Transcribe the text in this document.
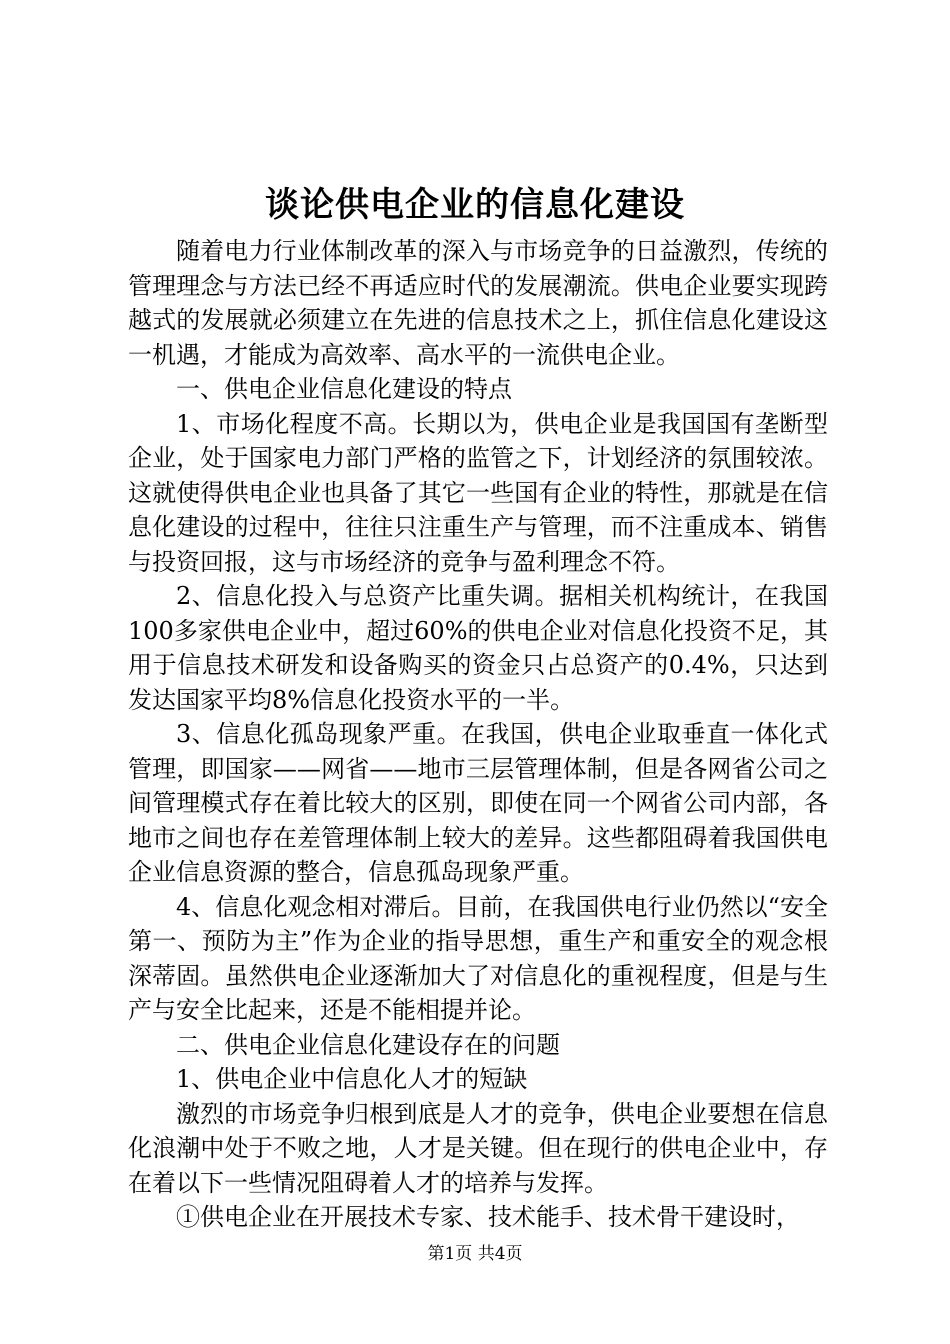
谈论供电企业的信息化建设

随着电力行业体制改革的深入与市场竞争的日益激烈，传统的管理理念与方法已经不再适应时代的发展潮流。供电企业要实现跨越式的发展就必须建立在先进的信息技术之上，抓住信息化建设这一机遇，才能成为高效率、高水平的一流供电企业。

一、供电企业信息化建设的特点

1、市场化程度不高。长期以为，供电企业是我国国有垄断型企业，处于国家电力部门严格的监管之下，计划经济的氛围较浓。这就使得供电企业也具备了其它一些国有企业的特性，那就是在信息化建设的过程中，往往只注重生产与管理，而不注重成本、销售与投资回报，这与市场经济的竞争与盈利理念不符。

2、信息化投入与总资产比重失调。据相关机构统计，在我国100多家供电企业中，超过60%的供电企业对信息化投资不足，其用于信息技术研发和设备购买的资金只占总资产的0.4%，只达到发达国家平均8%信息化投资水平的一半。

3、信息化孤岛现象严重。在我国，供电企业取垂直一体化式管理，即国家——网省——地市三层管理体制，但是各网省公司之间管理模式存在着比较大的区别，即使在同一个网省公司内部，各地市之间也存在差管理体制上较大的差异。这些都阻碍着我国供电企业信息资源的整合，信息孤岛现象严重。

4、信息化观念相对滞后。目前，在我国供电行业仍然以“安全第一、预防为主”作为企业的指导思想，重生产和重安全的观念根深蒂固。虽然供电企业逐渐加大了对信息化的重视程度，但是与生产与安全比起来，还是不能相提并论。

二、供电企业信息化建设存在的问题

1、供电企业中信息化人才的短缺

激烈的市场竞争归根到底是人才的竞争，供电企业要想在信息化浪潮中处于不败之地，人才是关键。但在现行的供电企业中，存在着以下一些情况阻碍着人才的培养与发挥。

①供电企业在开展技术专家、技术能手、技术骨干建设时，

第1页 共4页
